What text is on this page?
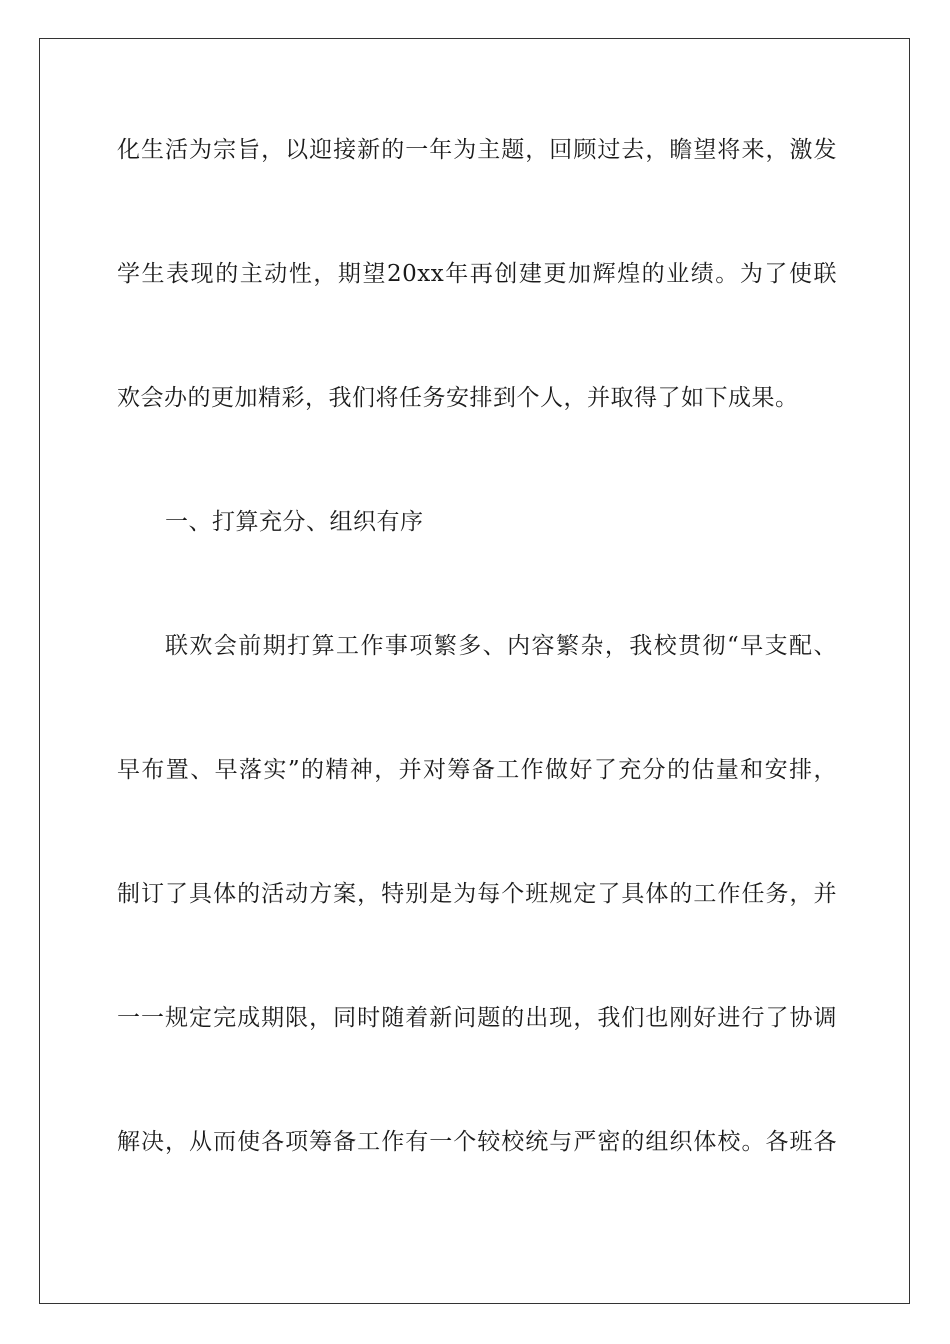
化生活为宗旨，以迎接新的一年为主题，回顾过去，瞻望将来，激发
学生表现的主动性，期望20xx年再创建更加辉煌的业绩。为了使联
欢会办的更加精彩，我们将任务安排到个人，并取得了如下成果。
一、打算充分、组织有序
联欢会前期打算工作事项繁多、内容繁杂，我校贯彻“早支配、
早布置、早落实”的精神，并对筹备工作做好了充分的估量和安排，
制订了具体的活动方案，特别是为每个班规定了具体的工作任务，并
一一规定完成期限，同时随着新问题的出现，我们也刚好进行了协调
解决，从而使各项筹备工作有一个较校统与严密的组织体校。各班各
